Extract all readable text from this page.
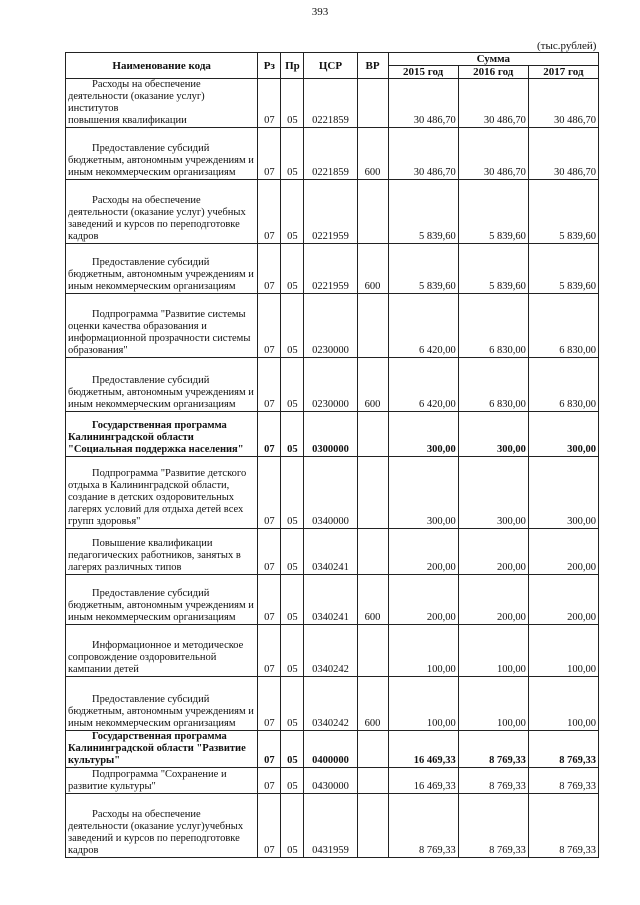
393
(тыс.рублей)
Наименование кода	Рз	Пр	ЦСР	ВР	Сумма		
					2015 год	2016 год	2017 год

Расходы на обеспечение
деятельности (оказание услуг) институтов
повышения квалификации	07	05	0221859		30 486,70	30 486,70	30 486,70

Предоставление субсидий
бюджетным, автономным учреждениям и
иным некоммерческим организациям	07	05	0221859	600	30 486,70	30 486,70	30 486,70

Расходы на обеспечение
деятельности (оказание услуг) учебных
заведений и курсов по переподготовке
кадров	07	05	0221959		5 839,60	5 839,60	5 839,60

Предоставление субсидий
бюджетным, автономным учреждениям и
иным некоммерческим организациям	07	05	0221959	600	5 839,60	5 839,60	5 839,60

Подпрограмма "Развитие системы
оценки качества образования и
информационной прозрачности системы
образования"	07	05	0230000		6 420,00	6 830,00	6 830,00

Предоставление субсидий
бюджетным, автономным учреждениям и
иным некоммерческим организациям	07	05	0230000	600	6 420,00	6 830,00	6 830,00

Государственная программа
Калининградской области
"Социальная поддержка населения"	07	05	0300000		300,00	300,00	300,00

Подпрограмма "Развитие детского
отдыха в Калининградской области,
создание в детских оздоровительных
лагерях условий для отдыха детей всех
групп здоровья"	07	05	0340000		300,00	300,00	300,00

Повышение квалификации
педагогических работников, занятых в
лагерях различных типов	07	05	0340241		200,00	200,00	200,00

Предоставление субсидий
бюджетным, автономным учреждениям и
иным некоммерческим организациям	07	05	0340241	600	200,00	200,00	200,00

Информационное и методическое
сопровождение оздоровительной
кампании детей	07	05	0340242		100,00	100,00	100,00

Предоставление субсидий
бюджетным, автономным учреждениям и
иным некоммерческим организациям	07	05	0340242	600	100,00	100,00	100,00

Государственная программа
Калининградской области "Развитие
культуры"	07	05	0400000		16 469,33	8 769,33	8 769,33

Подпрограмма "Сохранение и
развитие культуры"	07	05	0430000		16 469,33	8 769,33	8 769,33

Расходы на обеспечение
деятельности (оказание услуг)учебных
заведений и курсов по переподготовке
кадров	07	05	0431959		8 769,33	8 769,33	8 769,33
